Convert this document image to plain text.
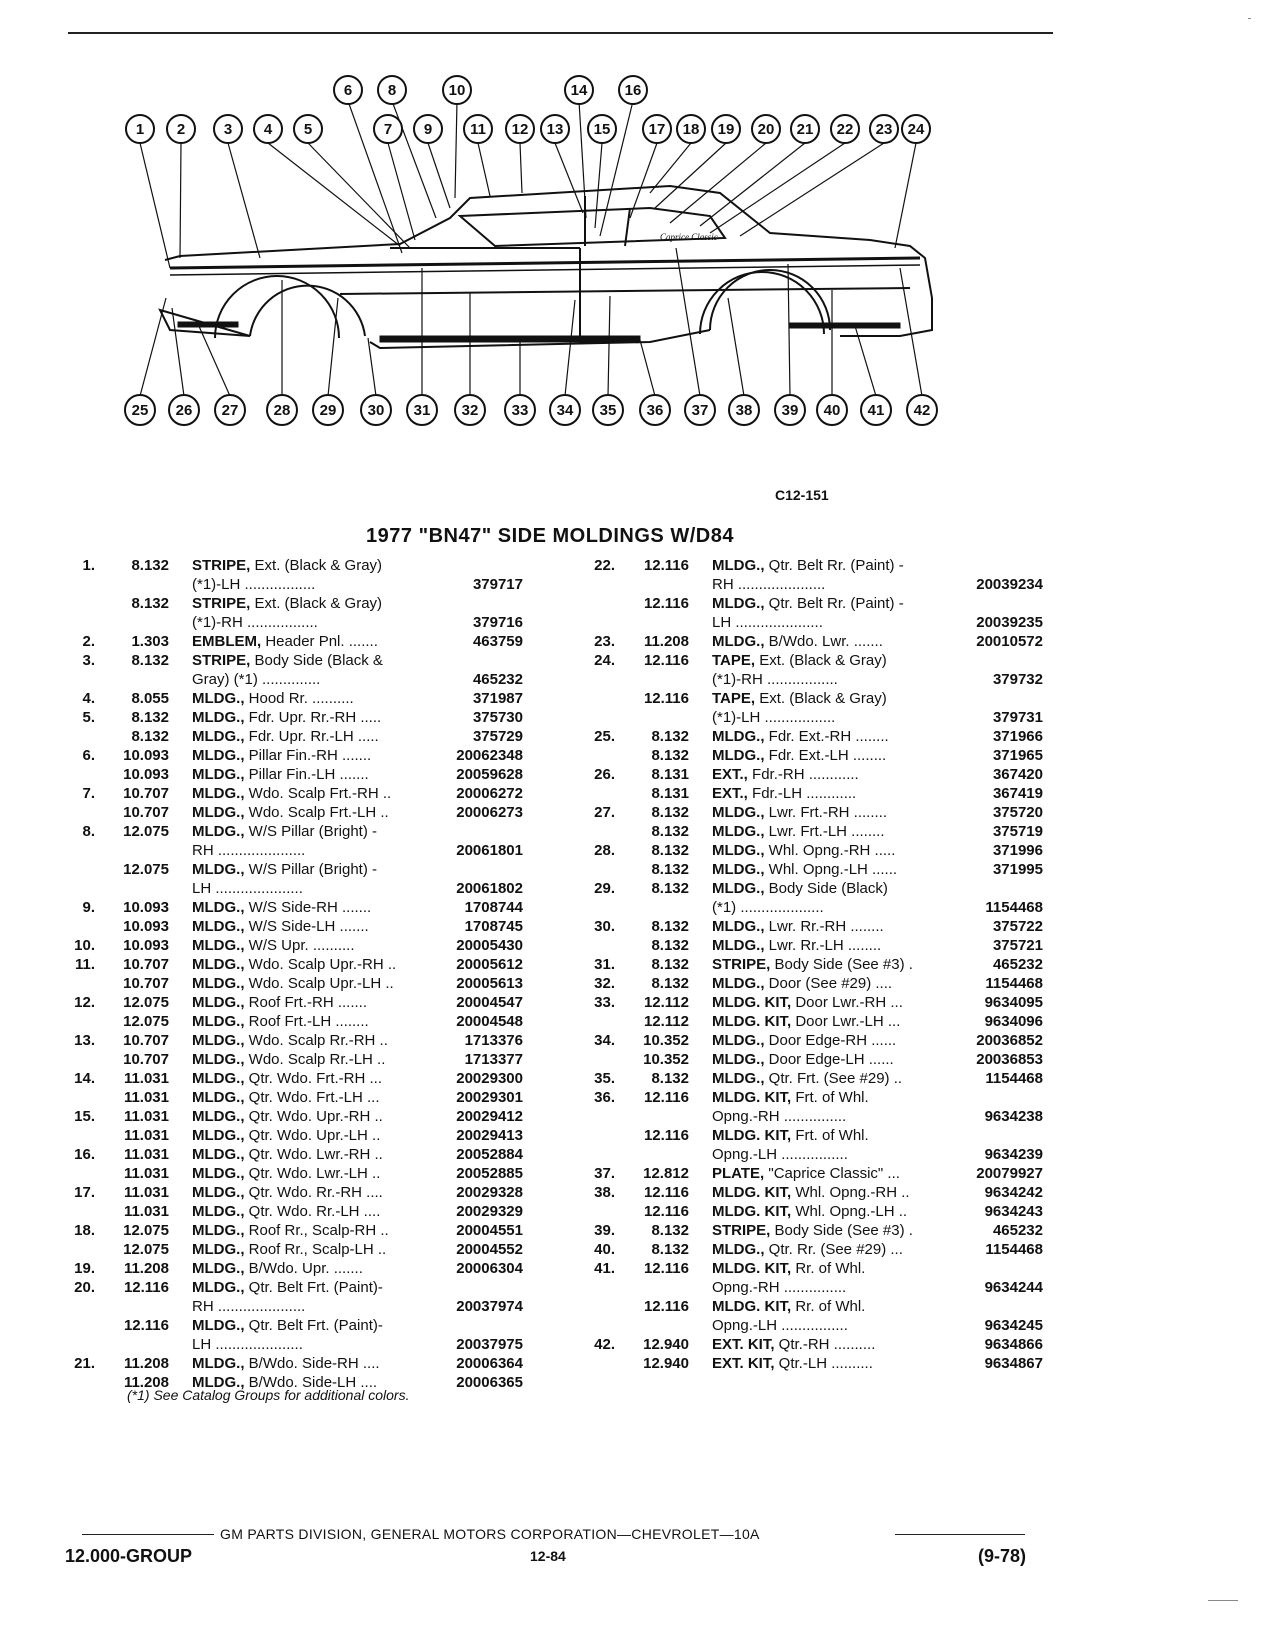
Caprice Classic
1 2	3 4 5
6
7
8
9
10
11 12 13
14
15
16
17 18 19 20 21 22 23 24
25 26 27 28 29 30 31 32 33 34 35 36 37 38 39 40 41 42
C12-151
1977 "BN47" SIDE MOLDINGS W/D84
1.	8.132 STRIPE, Ext. (Black & Gray)
(*1)-LH .................	379717
8.132 STRIPE, Ext. (Black & Gray)
(*1)-RH .................	379716
2.	1.303 EMBLEM, Header Pnl. .......	463759
3.	8.132 STRIPE, Body Side (Black &
Gray) (*1) ..............	465232
4.	8.055 MLDG., Hood Rr. ..........	371987
5.	8.132 MLDG., Fdr. Upr. Rr.-RH .....	375730
8.132 MLDG., Fdr. Upr. Rr.-LH .....	375729
6.	10.093 MLDG., Pillar Fin.-RH .......	20062348
10.093 MLDG., Pillar Fin.-LH .......	20059628
7.	10.707 MLDG., Wdo. Scalp Frt.-RH ..	20006272
10.707 MLDG., Wdo. Scalp Frt.-LH ..	20006273
8.	12.075 MLDG., W/S Pillar (Bright) -
RH .....................	20061801
12.075 MLDG., W/S Pillar (Bright) -
LH .....................	20061802
9.	10.093 MLDG., W/S Side-RH .......	1708744
10.093 MLDG., W/S Side-LH .......	1708745
10.	10.093 MLDG., W/S Upr. ..........	20005430
11.	10.707 MLDG., Wdo. Scalp Upr.-RH ..	20005612
10.707 MLDG., Wdo. Scalp Upr.-LH ..	20005613
12.	12.075 MLDG., Roof Frt.-RH .......	20004547
12.075 MLDG., Roof Frt.-LH ........	20004548
13.	10.707 MLDG., Wdo. Scalp Rr.-RH ..	1713376
10.707 MLDG., Wdo. Scalp Rr.-LH ..	1713377
14.	11.031 MLDG., Qtr. Wdo. Frt.-RH ...	20029300
11.031 MLDG., Qtr. Wdo. Frt.-LH ...	20029301
15.	11.031 MLDG., Qtr. Wdo. Upr.-RH ..	20029412
11.031 MLDG., Qtr. Wdo. Upr.-LH ..	20029413
16.	11.031 MLDG., Qtr. Wdo. Lwr.-RH ..	20052884
11.031 MLDG., Qtr. Wdo. Lwr.-LH ..	20052885
17.	11.031 MLDG., Qtr. Wdo. Rr.-RH ....	20029328
11.031 MLDG., Qtr. Wdo. Rr.-LH ....	20029329
18.	12.075 MLDG., Roof Rr., Scalp-RH ..	20004551
12.075 MLDG., Roof Rr., Scalp-LH ..	20004552
19.	11.208 MLDG., B/Wdo. Upr. .......	20006304
20.	12.116 MLDG., Qtr. Belt Frt. (Paint)-
RH .....................	20037974
12.116 MLDG., Qtr. Belt Frt. (Paint)-
LH .....................	20037975
21.	11.208 MLDG., B/Wdo. Side-RH ....	20006364
11.208 MLDG., B/Wdo. Side-LH ....	20006365
22.	12.116 MLDG., Qtr. Belt Rr. (Paint) -
RH .....................	20039234
12.116 MLDG., Qtr. Belt Rr. (Paint) -
LH .....................	20039235
23.	11.208 MLDG., B/Wdo. Lwr. .......	20010572
24.	12.116 TAPE, Ext. (Black & Gray)
(*1)-RH .................	379732
12.116 TAPE, Ext. (Black & Gray)
(*1)-LH .................	379731
25.	8.132 MLDG., Fdr. Ext.-RH ........	371966
8.132 MLDG., Fdr. Ext.-LH ........	371965
26.	8.131 EXT., Fdr.-RH ............	367420
8.131 EXT., Fdr.-LH ............	367419
27.	8.132 MLDG., Lwr. Frt.-RH ........	375720
8.132 MLDG., Lwr. Frt.-LH ........	375719
28.	8.132 MLDG., Whl. Opng.-RH .....	371996
8.132 MLDG., Whl. Opng.-LH ......	371995
29.	8.132 MLDG., Body Side (Black)
(*1) ....................	1154468
30.	8.132 MLDG., Lwr. Rr.-RH ........	375722
8.132 MLDG., Lwr. Rr.-LH ........	375721
31.	8.132 STRIPE, Body Side (See #3) .	465232
32.	8.132 MLDG., Door (See #29) ....	1154468
33.	12.112 MLDG. KIT, Door Lwr.-RH ...	9634095
12.112 MLDG. KIT, Door Lwr.-LH ...	9634096
34.	10.352 MLDG., Door Edge-RH ......	20036852
10.352 MLDG., Door Edge-LH ......	20036853
35.	8.132 MLDG., Qtr. Frt. (See #29) ..	1154468
36.	12.116 MLDG. KIT, Frt. of Whl.
Opng.-RH ...............	9634238
12.116 MLDG. KIT, Frt. of Whl.
Opng.-LH ................	9634239
37.	12.812 PLATE, "Caprice Classic" ...	20079927
38.	12.116 MLDG. KIT, Whl. Opng.-RH ..	9634242
12.116 MLDG. KIT, Whl. Opng.-LH ..	9634243
39.	8.132 STRIPE, Body Side (See #3) .	465232
40.	8.132 MLDG., Qtr. Rr. (See #29) ...	1154468
41.	12.116 MLDG. KIT, Rr. of Whl.
Opng.-RH ...............	9634244
12.116 MLDG. KIT, Rr. of Whl.
Opng.-LH ................	9634245
42.	12.940 EXT. KIT, Qtr.-RH ..........	9634866
12.940 EXT. KIT, Qtr.-LH ..........	9634867
(*1) See Catalog Groups for additional colors.
GM PARTS DIVISION, GENERAL MOTORS CORPORATION—CHEVROLET—10A
12.000-GROUP	12-84	(9-78)
